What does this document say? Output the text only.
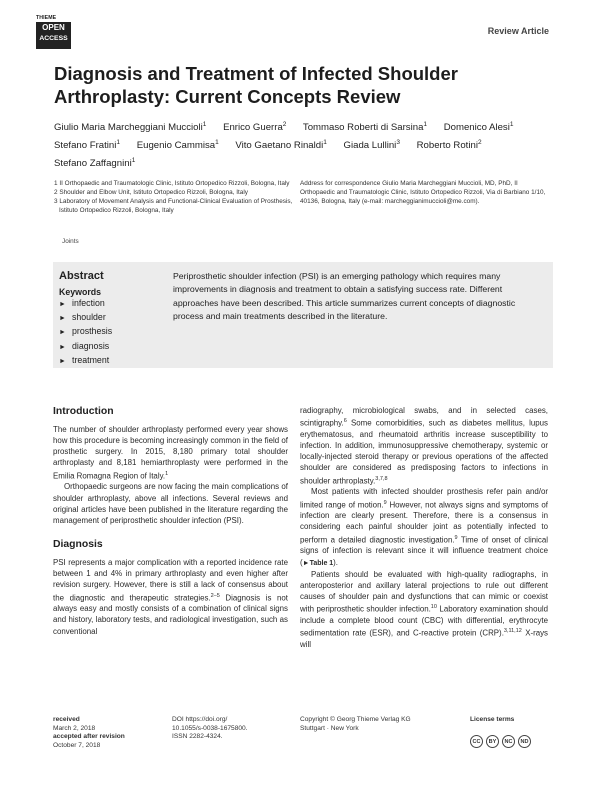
THIEME
OPEN
ACCESS
Review Article
Diagnosis and Treatment of Infected Shoulder Arthroplasty: Current Concepts Review
Giulio Maria Marcheggiani Muccioli$^1$ Enrico Guerra$^2$ Tommaso Roberti di Sarsina$^1$ Domenico Alesi$^1$ Stefano Fratini$^1$ Eugenio Cammisa$^1$ Vito Gaetano Rinaldi$^1$ Giada Lullini$^3$ Roberto Rotini$^2$ Stefano Zaffagnini$^1$
1 II Orthopaedic and Traumatologic Clinic, Istituto Ortopedico Rizzoli, Bologna, Italy
2 Shoulder and Elbow Unit, Istituto Ortopedico Rizzoli, Bologna, Italy
3 Laboratory of Movement Analysis and Functional-Clinical Evaluation of Prosthesis, Istituto Ortopedico Rizzoli, Bologna, Italy
Address for correspondence Giulio Maria Marcheggiani Muccioli, MD, PhD, II Orthopaedic and Traumatologic Clinic, Istituto Ortopedico Rizzoli, Via di Barbiano 1/10, 40136, Bologna, Italy (e-mail: marcheggianimuccioli@me.com).
Joints
Abstract
Keywords
► infection
► shoulder
► prosthesis
► diagnosis
► treatment
Periprosthetic shoulder infection (PSI) is an emerging pathology which requires many improvements in diagnosis and treatment to obtain a satisfying success rate. Different approaches have been described. This article summarizes current concepts of diagnostic process and main treatments described in the literature.
Introduction

The number of shoulder arthroplasty performed every year shows how this procedure is becoming increasingly common in the field of prosthetic surgery. In 2015, 8,180 primary total shoulder arthroplasty and 8,181 hemiarthroplasty were performed in the Emilia Romagna Region of Italy.$^1$

Orthopaedic surgeons are now facing the main complications of shoulder arthroplasty, above all infections. Several reviews and original articles have been published in the literature regarding the management of periprosthetic shoulder infection (PSI).

Diagnosis

PSI represents a major complication with a reported incidence rate between 1 and 4% in primary arthroplasty and even higher after revision surgery. However, there is still a lack of consensus about the diagnostic and therapeutic strategies.$^{2-5}$ Diagnosis is not always easy and mostly consists of a combination of clinical signs and history, laboratory tests, and radiological investigation, such as conventional

radiography, microbiological swabs, and in selected cases, scintigraphy.$^6$ Some comorbidities, such as diabetes mellitus, lupus erythematosus, and rheumatoid arthritis increase susceptibility to infection. In addition, immunosuppressive chemotherapy, systemic or locally-injected steroid therapy or previous operations of the affected shoulder are considered as predisposing factors to infections in shoulder arthroplasty.$^{3,7,8}$

Most patients with infected shoulder prosthesis refer pain and/or limited range of motion.$^9$ However, not always signs and symptoms of infection are clearly present. Therefore, there is a consensus in considering each painful shoulder joint as potentially infected to perform a detailed diagnostic investigation.$^9$ Time of onset of clinical signs of infection is relevant since it will influence treatment choice (►Table 1).

Patients should be evaluated with high-quality radiographs, in anteroposterior and axillary lateral projections to rule out different causes of shoulder pain and dysfunctions that can mimic or coexist with periprosthetic shoulder infection.$^{10}$ Laboratory examination should include a complete blood count (CBC) with differential, erythrocyte sedimentation rate (ESR), and C-reactive protein (CRP).$^{3,11,12}$ X-rays will

received
March 2, 2018
accepted after revision
October 7, 2018
DOI https://doi.org/
10.1055/s-0038-1675800.
ISSN 2282-4324.
Copyright © Georg Thieme Verlag KG
Stuttgart · New York
License terms
CC BY NC ND
